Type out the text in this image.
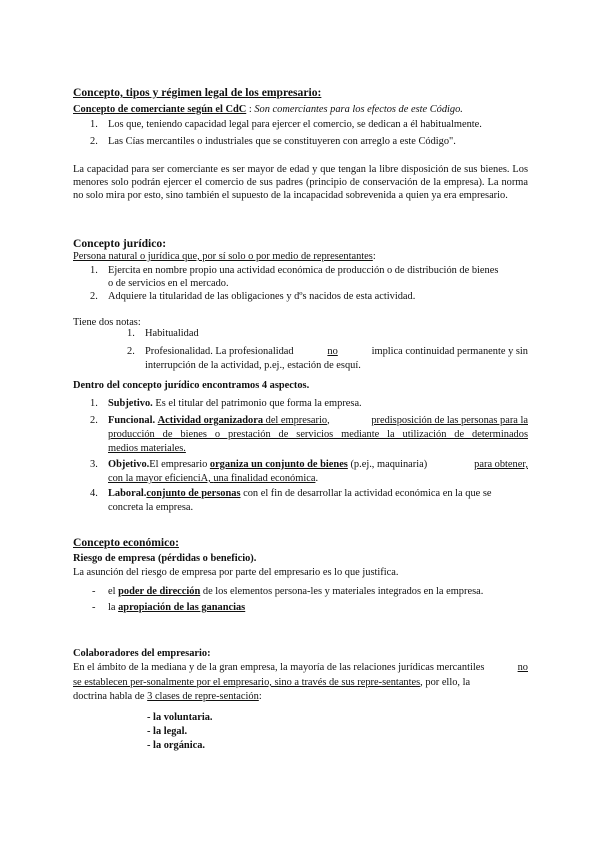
Concepto, tipos y régimen legal de los empresario:
Concepto de comerciante según el CdC : Son comerciantes para los efectos de este Código.
1. Los que, teniendo capacidad legal para ejercer el comercio, se dedican a él habitualmente.
2. Las Cías mercantiles o industriales que se constituyeren con arreglo a este Código".
La capacidad para ser comerciante es ser mayor de edad y que tengan la libre disposición de sus bienes. Los menores solo podrán ejercer el comercio de sus padres (principio de conservación de la empresa). La norma no solo mira por esto, sino también el supuesto de la incapacidad sobrevenida a quien ya era empresario.
Concepto jurídico:
Persona natural o jurídica que, por sí solo o por medio de representantes:
1. Ejercita en nombre propio una actividad económica de producción o de distribución de bienes
o de servicios en el mercado.
2. Adquiere la titularidad de las obligaciones y dºs nacidos de esta actividad.
Tiene dos notas:
1. Habitualidad
2. Profesionalidad. La profesionalidad	no	implica continuidad permanente y sin
interrupción de la actividad, p.ej., estación de esquí.
Dentro del concepto jurídico encontramos 4 aspectos.
1. Subjetivo. Es el titular del patrimonio que forma la empresa.
2. Funcional. Actividad organizadora del empresario,	predisposición de las personas para la
producción de bienes o prestación de servicios mediante la utilización de determinados
medios materiales.
3. Objetivo.El empresario organiza un conjunto de bienes (p.ej., maquinaria)	para obtener,
con la mayor eficienciA, una finalidad económica.
4. Laboral.conjunto de personas con el fin de desarrollar la actividad económica en la que se
concreta la empresa.
Concepto económico:
Riesgo de empresa (pérdidas o beneficio).
La asunción del riesgo de empresa por parte del empresario es lo que justifica.
- el poder de dirección de los elementos persona-les y materiales integrados en la empresa.
- la apropiación de las ganancias
Colaboradores del empresario:
En el ámbito de la mediana y de la gran empresa, la mayoría de las relaciones jurídicas mercantiles	no
se establecen per-sonalmente por el empresario, sino a través de sus repre-sentantes, por ello, la
doctrina habla de 3 clases de repre-sentación:
- la voluntaria.
- la legal.
- la orgánica.
